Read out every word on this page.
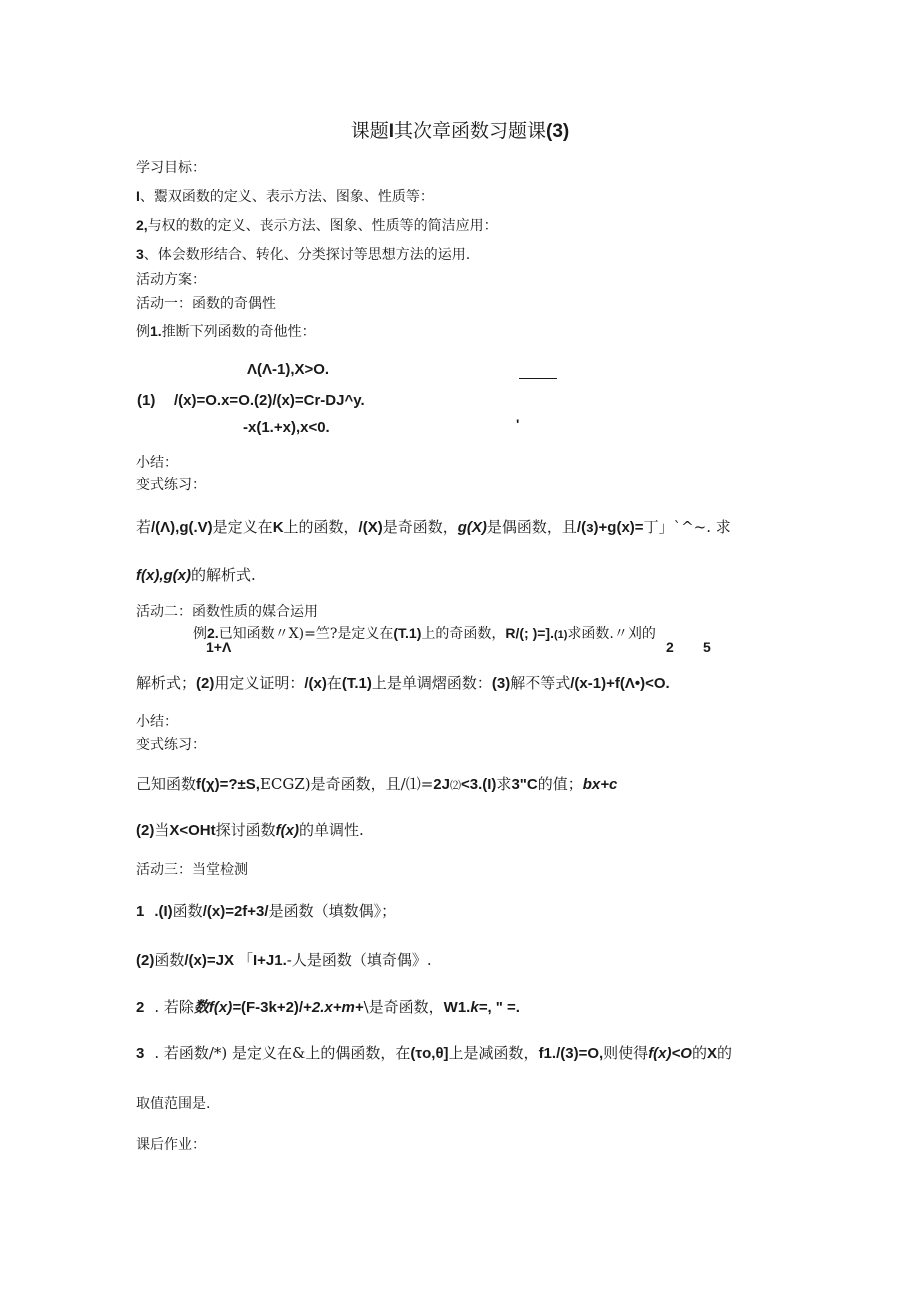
课题I其次章函数习题课(3)
学习目标：
I、鬻双函数的定义、表示方法、图象、性质等：
2,与权的数的定义、丧示方法、图象、性质等的简洁应用：
3、体会数形结合、转化、分类探讨等思想方法的运用.
活动方案：
活动一：函数的奇偶性
例1.推断下列函数的奇他性：
Λ(Λ-1),X>O.
(1) /(x)=O.x=O.(2)/(x)=Cr-DJ^y.
-x(1.+x),x<0.	'
小结：
变式练习：
若/(Λ),g(.V)是定义在K上的函数，/(X)是奇函数，g(X)是偶函数，且/(з)+g(x)=丁」`^~. 求
f(x),g(x)的解析式.
活动二：函数性质的媒合运用
例2.已知函数〃X)=竺?是定义在(T.1)上的奇函数，R/(; )=].(1)求函数.〃刈的
1+Λ	2 5
解析式；(2)用定义证明：/(x)在(T.1)上是单调熠函数：(3)解不等式/(x-1)+f(Λ•)<O.
小结：
变式练习：
己知函数f(χ)=?±S,ECGZ)是奇函数，且/⑴=2J⑵<3.(I)求3"C的值；bx+c
(2)当X<OHt探讨函数f(x)的单调性.
活动三：当堂检测
1 .(I)函数/(x)=2f+3/是函数（填数偶》；
(2)函数/(x)=JX 「I+J1.-人是函数（填奇偶》.
2 . 若除数f(x)=(F-3k+2)/+2.x+m+\是奇函数，W1.k=, " =.
3 . 若函数/*) 是定义在&上的偶函数，在(τo,θ]上是减函数，f1./(3)=O,则使得f(x)<O的X的
取值范围是.
课后作业：
